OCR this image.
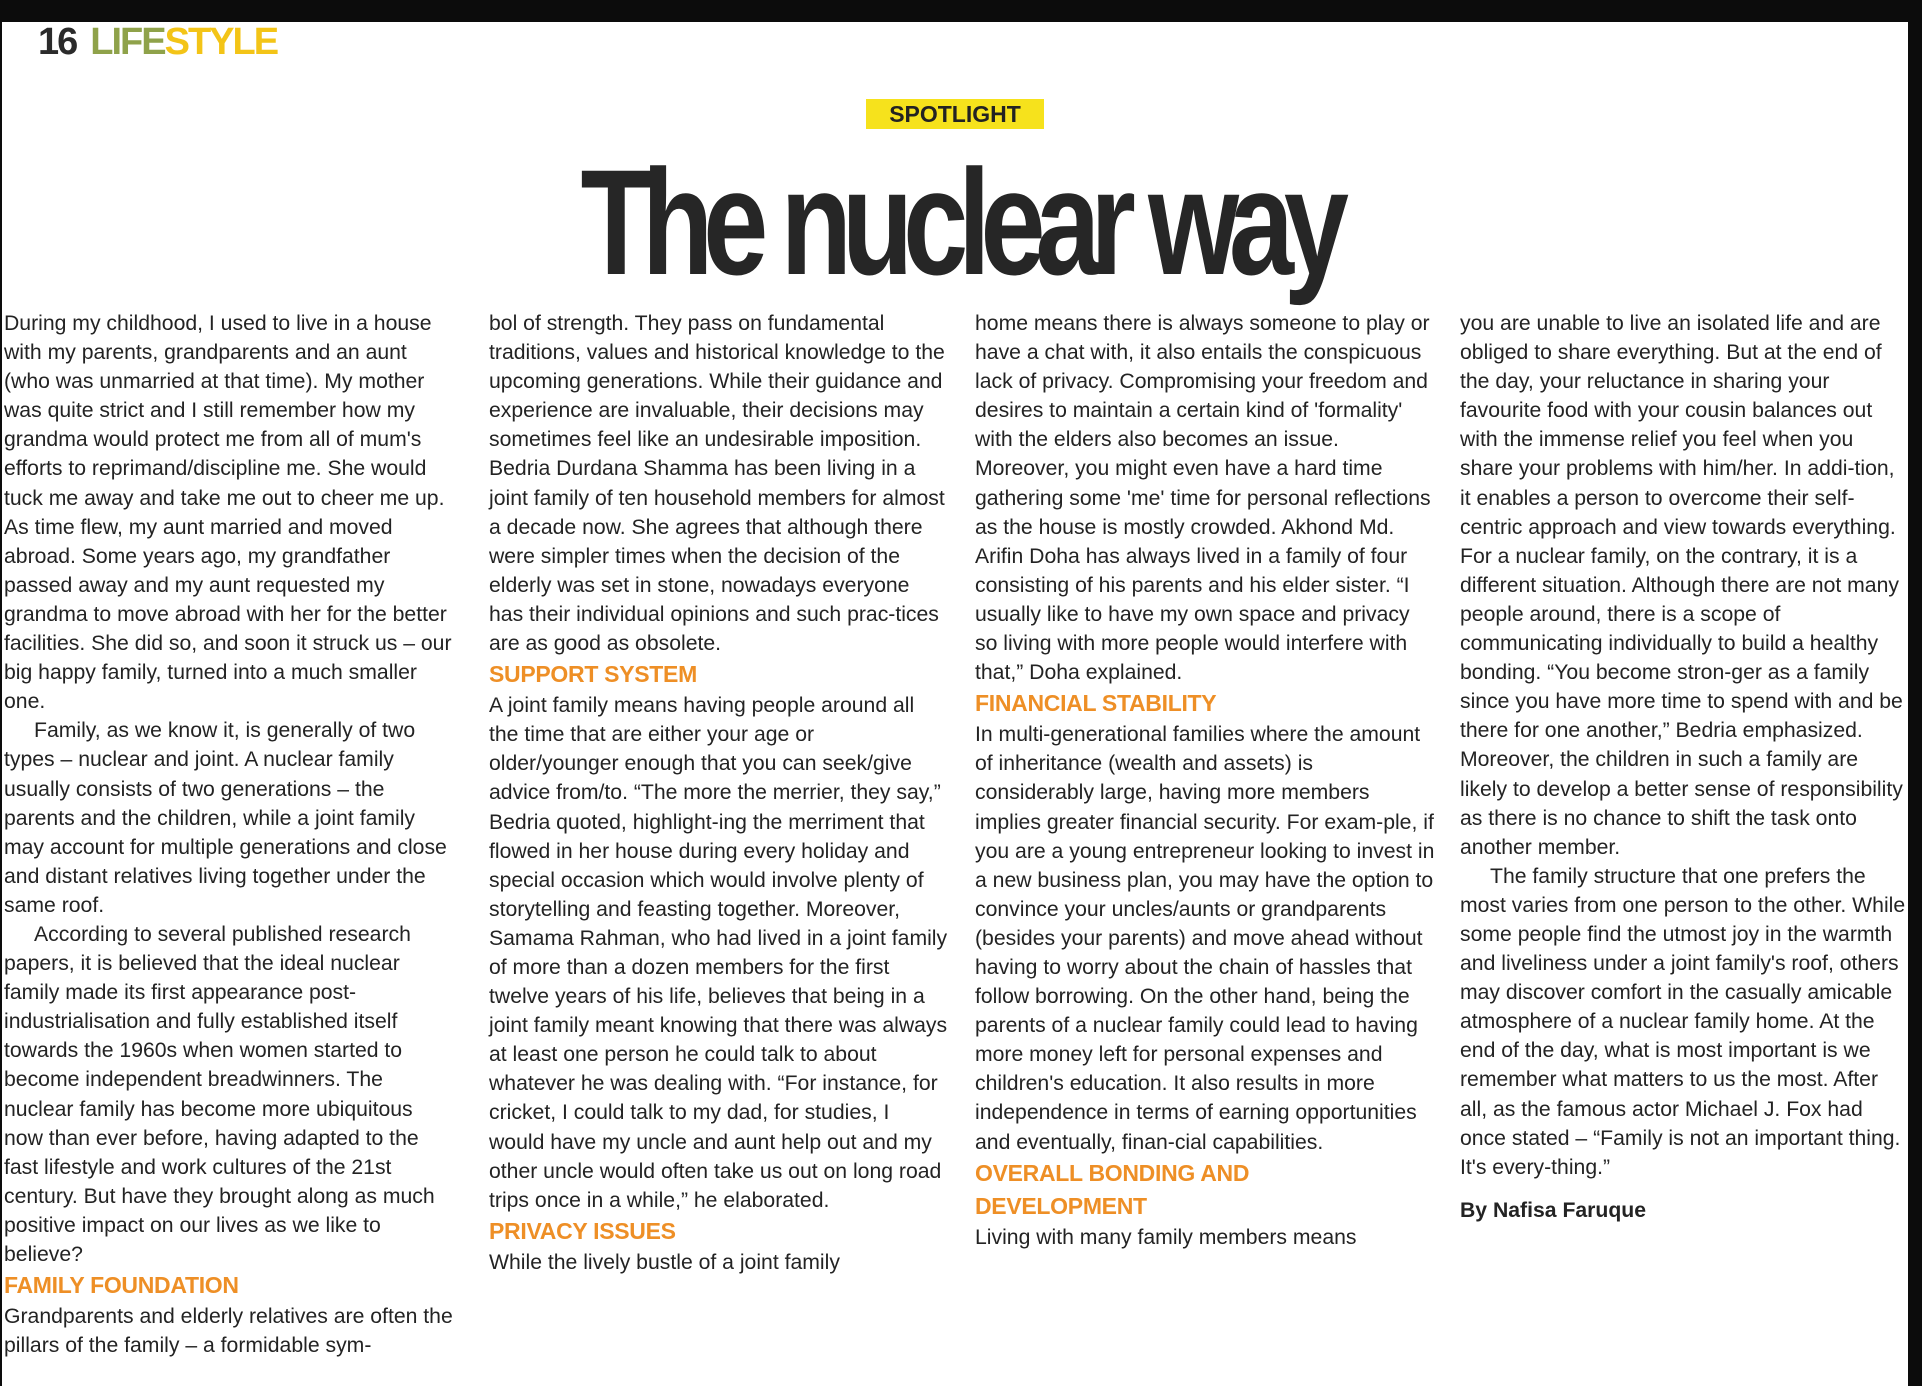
16 LIFE STYLE
SPOTLIGHT
The nuclear way

During my childhood, I used to live in a house with my parents, grandparents and an aunt (who was unmarried at that time). My mother was quite strict and I still remember how my grandma would protect me from all of mum's efforts to reprimand/discipline me. She would tuck me away and take me out to cheer me up. As time flew, my aunt married and moved abroad. Some years ago, my grandfather passed away and my aunt requested my grandma to move abroad with her for the better facilities. She did so, and soon it struck us – our big happy family, turned into a much smaller one.

Family, as we know it, is generally of two types – nuclear and joint. A nuclear family usually consists of two generations – the parents and the children, while a joint family may account for multiple generations and close and distant relatives living together under the same roof.

According to several published research papers, it is believed that the ideal nuclear family made its first appearance post-industrialisation and fully established itself towards the 1960s when women started to become independent breadwinners. The nuclear family has become more ubiquitous now than ever before, having adapted to the fast lifestyle and work cultures of the 21st century. But have they brought along as much positive impact on our lives as we like to believe?

FAMILY FOUNDATION

Grandparents and elderly relatives are often the pillars of the family – a formidable sym-

bol of strength. They pass on fundamental traditions, values and historical knowledge to the upcoming generations. While their guidance and experience are invaluable, their decisions may sometimes feel like an undesirable imposition. Bedria Durdana Shamma has been living in a joint family of ten household members for almost a decade now. She agrees that although there were simpler times when the decision of the elderly was set in stone, nowadays everyone has their individual opinions and such prac-tices are as good as obsolete.

SUPPORT SYSTEM

A joint family means having people around all the time that are either your age or older/younger enough that you can seek/give advice from/to. “The more the merrier, they say,” Bedria quoted, highlight-ing the merriment that flowed in her house during every holiday and special occasion which would involve plenty of storytelling and feasting together. Moreover, Samama Rahman, who had lived in a joint family of more than a dozen members for the first twelve years of his life, believes that being in a joint family meant knowing that there was always at least one person he could talk to about whatever he was dealing with. “For instance, for cricket, I could talk to my dad, for studies, I would have my uncle and aunt help out and my other uncle would often take us out on long road trips once in a while,” he elaborated.

PRIVACY ISSUES

While the lively bustle of a joint family

home means there is always someone to play or have a chat with, it also entails the conspicuous lack of privacy. Compromising your freedom and desires to maintain a certain kind of 'formality' with the elders also becomes an issue. Moreover, you might even have a hard time gathering some 'me' time for personal reflections as the house is mostly crowded. Akhond Md. Arifin Doha has always lived in a family of four consisting of his parents and his elder sister. “I usually like to have my own space and privacy so living with more people would interfere with that,” Doha explained.

FINANCIAL STABILITY

In multi-generational families where the amount of inheritance (wealth and assets) is considerably large, having more members implies greater financial security. For exam-ple, if you are a young entrepreneur looking to invest in a new business plan, you may have the option to convince your uncles/aunts or grandparents (besides your parents) and move ahead without having to worry about the chain of hassles that follow borrowing. On the other hand, being the parents of a nuclear family could lead to having more money left for personal expenses and children's education. It also results in more independence in terms of earning opportunities and eventually, finan-cial capabilities.

OVERALL BONDING AND
DEVELOPMENT

Living with many family members means

you are unable to live an isolated life and are obliged to share everything. But at the end of the day, your reluctance in sharing your favourite food with your cousin balances out with the immense relief you feel when you share your problems with him/her. In addi-tion, it enables a person to overcome their self-centric approach and view towards everything. For a nuclear family, on the contrary, it is a different situation. Although there are not many people around, there is a scope of communicating individually to build a healthy bonding. “You become stron-ger as a family since you have more time to spend with and be there for one another,” Bedria emphasized. Moreover, the children in such a family are likely to develop a better sense of responsibility as there is no chance to shift the task onto another member.

The family structure that one prefers the most varies from one person to the other. While some people find the utmost joy in the warmth and liveliness under a joint family's roof, others may discover comfort in the casually amicable atmosphere of a nuclear family home. At the end of the day, what is most important is we remember what matters to us the most. After all, as the famous actor Michael J. Fox had once stated – “Family is not an important thing. It's every-thing.”

By Nafisa Faruque
